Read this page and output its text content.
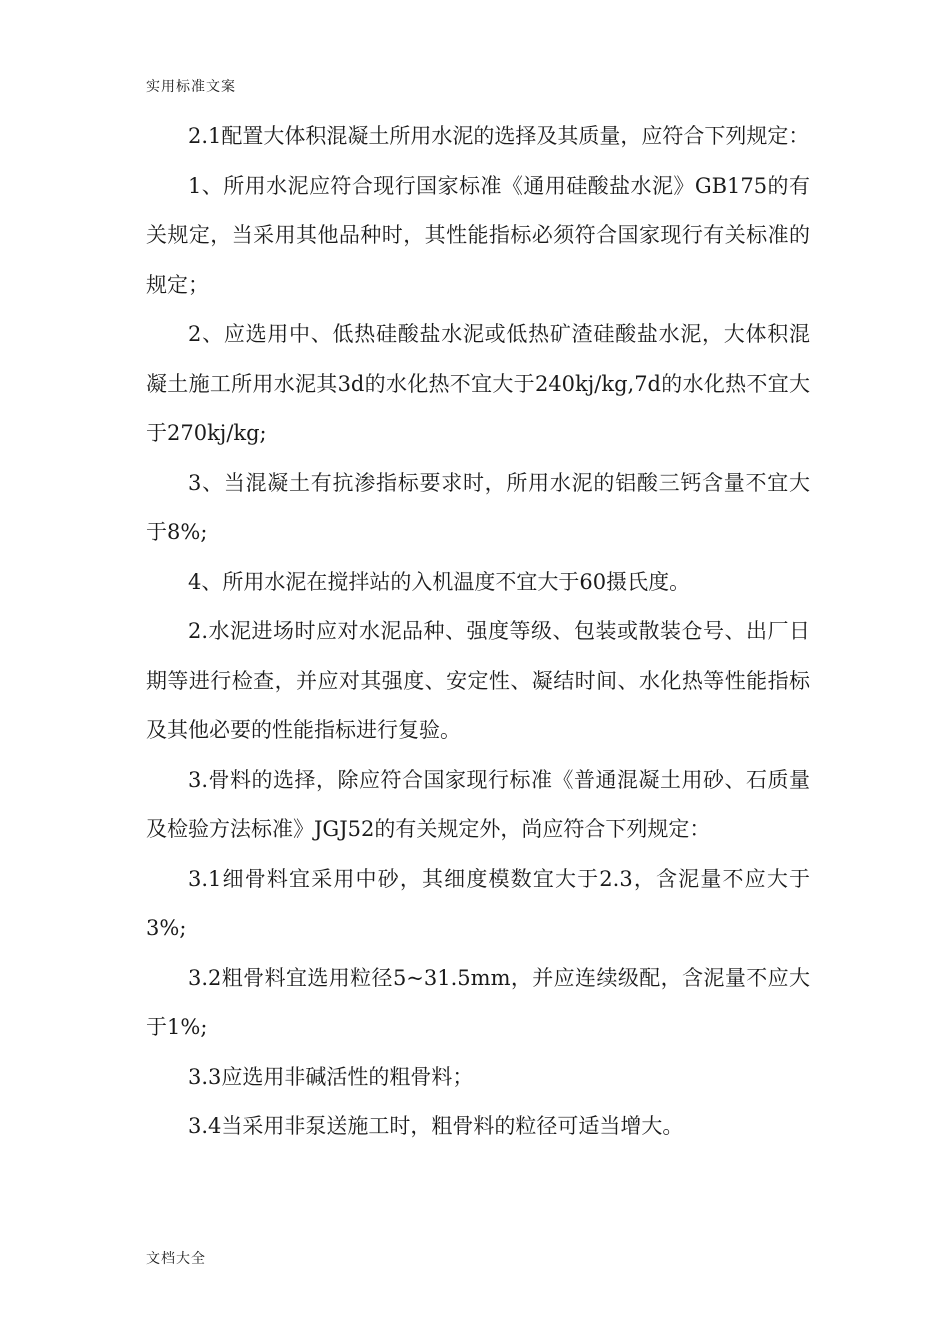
实用标准文案

2.1配置大体积混凝土所用水泥的选择及其质量，应符合下列规定：

1、所用水泥应符合现行国家标准《通用硅酸盐水泥》GB175的有关规定，当采用其他品种时，其性能指标必须符合国家现行有关标准的规定；

2、应选用中、低热硅酸盐水泥或低热矿渣硅酸盐水泥，大体积混凝土施工所用水泥其3d的水化热不宜大于240kj/kg,7d的水化热不宜大于270kj/kg;

3、当混凝土有抗渗指标要求时，所用水泥的铝酸三钙含量不宜大于8%;

4、所用水泥在搅拌站的入机温度不宜大于60摄氏度。

2.水泥进场时应对水泥品种、强度等级、包装或散装仓号、出厂日期等进行检查，并应对其强度、安定性、凝结时间、水化热等性能指标及其他必要的性能指标进行复验。

3.骨料的选择，除应符合国家现行标准《普通混凝土用砂、石质量及检验方法标准》JGJ52的有关规定外，尚应符合下列规定：

3.1细骨料宜采用中砂，其细度模数宜大于2.3，含泥量不应大于3%;

3.2粗骨料宜选用粒径5~31.5mm，并应连续级配，含泥量不应大于1%;

3.3应选用非碱活性的粗骨料；

3.4当采用非泵送施工时，粗骨料的粒径可适当增大。

文档大全
